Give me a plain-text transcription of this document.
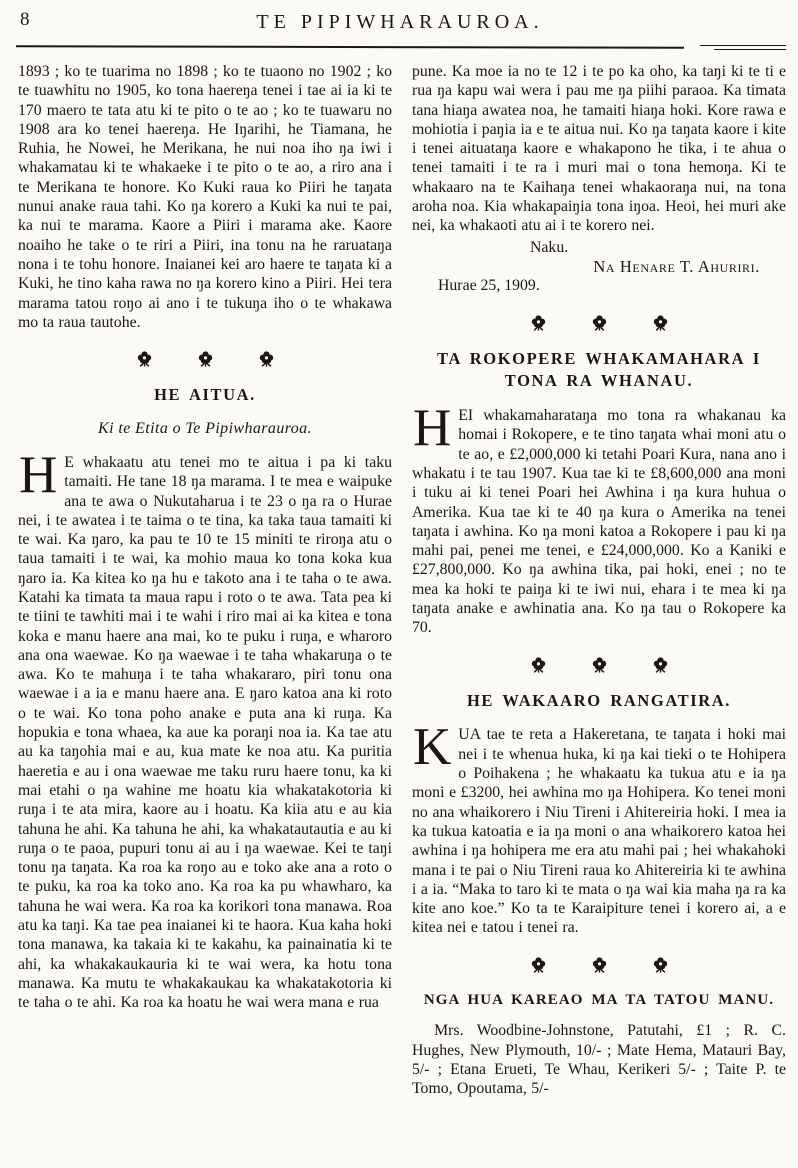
8	TE PIPIWHARAUROA.

1893 ; ko te tuarima no 1898 ; ko te tuaono no 1902 ; ko te tuawhitu no 1905, ko tona haereŋa tenei i tae ai ia ki te 170 maero te tata atu ki te pito o te ao ; ko te tuawaru no 1908 ara ko tenei haereŋa. He Iŋarihi, he Tiamana, he Ruhia, he Nowei, he Merikana, he nui noa iho ŋa iwi i whakamatau ki te whakaeke i te pito o te ao, a riro ana i te Merikana te honore. Ko Kuki raua ko Piiri he taŋata nunui anake raua tahi. Ko ŋa korero a Kuki ka nui te pai, ka nui te marama. Kaore a Piiri i marama ake. Kaore noaiho he take o te riri a Piiri, ina tonu na he raruataŋa nona i te tohu honore. Inaianei kei aro haere te taŋata ki a Kuki, he tino kaha rawa no ŋa korero kino a Piiri. Hei tera marama tatou roŋo ai ano i te tukuŋa iho o te whakawa mo ta raua tautohe.

HE AITUA.

Ki te Etita o Te Pipiwharauroa.

H E whakaatu atu tenei mo te aitua i pa ki taku tamaiti. He tane 18 ŋa marama. I te mea e waipuke ana te awa o Nukutaharua i te 23 o ŋa ra o Hurae nei, i te awatea i te taima o te tina, ka taka taua tamaiti ki te wai. Ka ŋaro, ka pau te 10 te 15 miniti te riroŋa atu o taua tamaiti i te wai, ka mohio maua ko tona koka kua ŋaro ia. Ka kitea ko ŋa hu e takoto ana i te taha o te awa. Katahi ka timata ta maua rapu i roto o te awa. Tata pea ki te tiini te tawhiti mai i te wahi i riro mai ai ka kitea e tona koka e manu haere ana mai, ko te puku i ruŋa, e wharoro ana ona waewae. Ko ŋa waewae i te taha whakaruŋa o te awa. Ko te mahuŋa i te taha whakararo, piri tonu ona waewae i a ia e manu haere ana. E ŋaro katoa ana ki roto o te wai. Ko tona poho anake e puta ana ki ruŋa. Ka hopukia e tona whaea, ka aue ka poraŋi noa ia. Ka tae atu au ka taŋohia mai e au, kua mate ke noa atu. Ka puritia haeretia e au i ona waewae me taku ruru haere tonu, ka ki mai etahi o ŋa wahine me hoatu kia whakatakotoria ki ruŋa i te ata mira, kaore au i hoatu. Ka kiia atu e au kia tahuna he ahi. Ka tahuna he ahi, ka whakatautautia e au ki ruŋa o te paoa, pupuri tonu ai au i ŋa waewae. Kei te taŋi tonu ŋa taŋata. Ka roa ka roŋo au e toko ake ana a roto o te puku, ka roa ka toko ano. Ka roa ka pu whawharo, ka tahuna he wai wera. Ka roa ka korikori tona manawa. Roa atu ka taŋi. Ka tae pea inaianei ki te haora. Kua kaha hoki tona manawa, ka takaia ki te kakahu, ka painainatia ki te ahi, ka whakakaukauria ki te wai wera, ka hotu tona manawa. Ka mutu te whakakaukau ka whakatakotoria ki te taha o te ahi. Ka roa ka hoatu he wai wera mana e rua

pune. Ka moe ia no te 12 i te po ka oho, ka taŋi ki te ti e rua ŋa kapu wai wera i pau me ŋa piihi paraoa. Ka timata tana hiaŋa awatea noa, he tamaiti hiaŋa hoki. Kore rawa e mohiotia i paŋia ia e te aitua nui. Ko ŋa taŋata kaore i kite i tenei aituataŋa kaore e whakapono he tika, i te ahua o tenei tamaiti i te ra i muri mai o tona hemoŋa. Ki te whakaaro na te Kaihaŋa tenei whakaoraŋa nui, na tona aroha noa. Kia whakapaiŋia tona iŋoa. Heoi, hei muri ake nei, ka whakaoti atu ai i te korero nei.

Naku.

Na Henare T. Ahuriri.

Hurae 25, 1909.

TA ROKOPERE WHAKAMAHARA I TONA RA WHANAU.

HEI whakamaharataŋa mo tona ra whakanau ka homai i Rokopere, e te tino taŋata whai moni atu o te ao, e £2,000,000 ki tetahi Poari Kura, nana ano i whakatu i te tau 1907. Kua tae ki te £8,600,000 ana moni i tuku ai ki tenei Poari hei Awhina i ŋa kura huhua o Amerika. Kua tae ki te 40 ŋa kura o Amerika na tenei taŋata i awhina. Ko ŋa moni katoa a Rokopere i pau ki ŋa mahi pai, penei me tenei, e £24,000,000. Ko a Kaniki e £27,800,000. Ko ŋa awhina tika, pai hoki, enei ; no te mea ka hoki te paiŋa ki te iwi nui, ehara i te mea ki ŋa taŋata anake e awhinatia ana. Ko ŋa tau o Rokopere ka 70.

HE WAKAARO RANGATIRA.

KUA tae te reta a Hakeretana, te taŋata i hoki mai nei i te whenua huka, ki ŋa kai tieki o te Hohipera o Poihakena ; he whakaatu ka tukua atu e ia ŋa moni e £3200, hei awhina mo ŋa Hohipera. Ko tenei moni no ana whaikorero i Niu Tireni i Ahitereiria hoki. I mea ia ka tukua katoatia e ia ŋa moni o ana whaikorero katoa hei awhina i ŋa hohipera me era atu mahi pai ; hei whakahoki mana i te pai o Niu Tireni raua ko Ahitereiria ki te awhina i a ia. “Maka to taro ki te mata o ŋa wai kia maha ŋa ra ka kite ano koe.” Ko ta te Karaipiture tenei i korero ai, a e kitea nei e tatou i tenei ra.

NGA HUA KAREAO MA TA TATOU MANU.

Mrs. Woodbine-Johnstone, Patutahi, £1 ; R. C. Hughes, New Plymouth, 10/- ; Mate Hema, Matauri Bay, 5/- ; Etana Erueti, Te Whau, Kerikeri 5/- ; Taite P. te Tomo, Opoutama, 5/-
